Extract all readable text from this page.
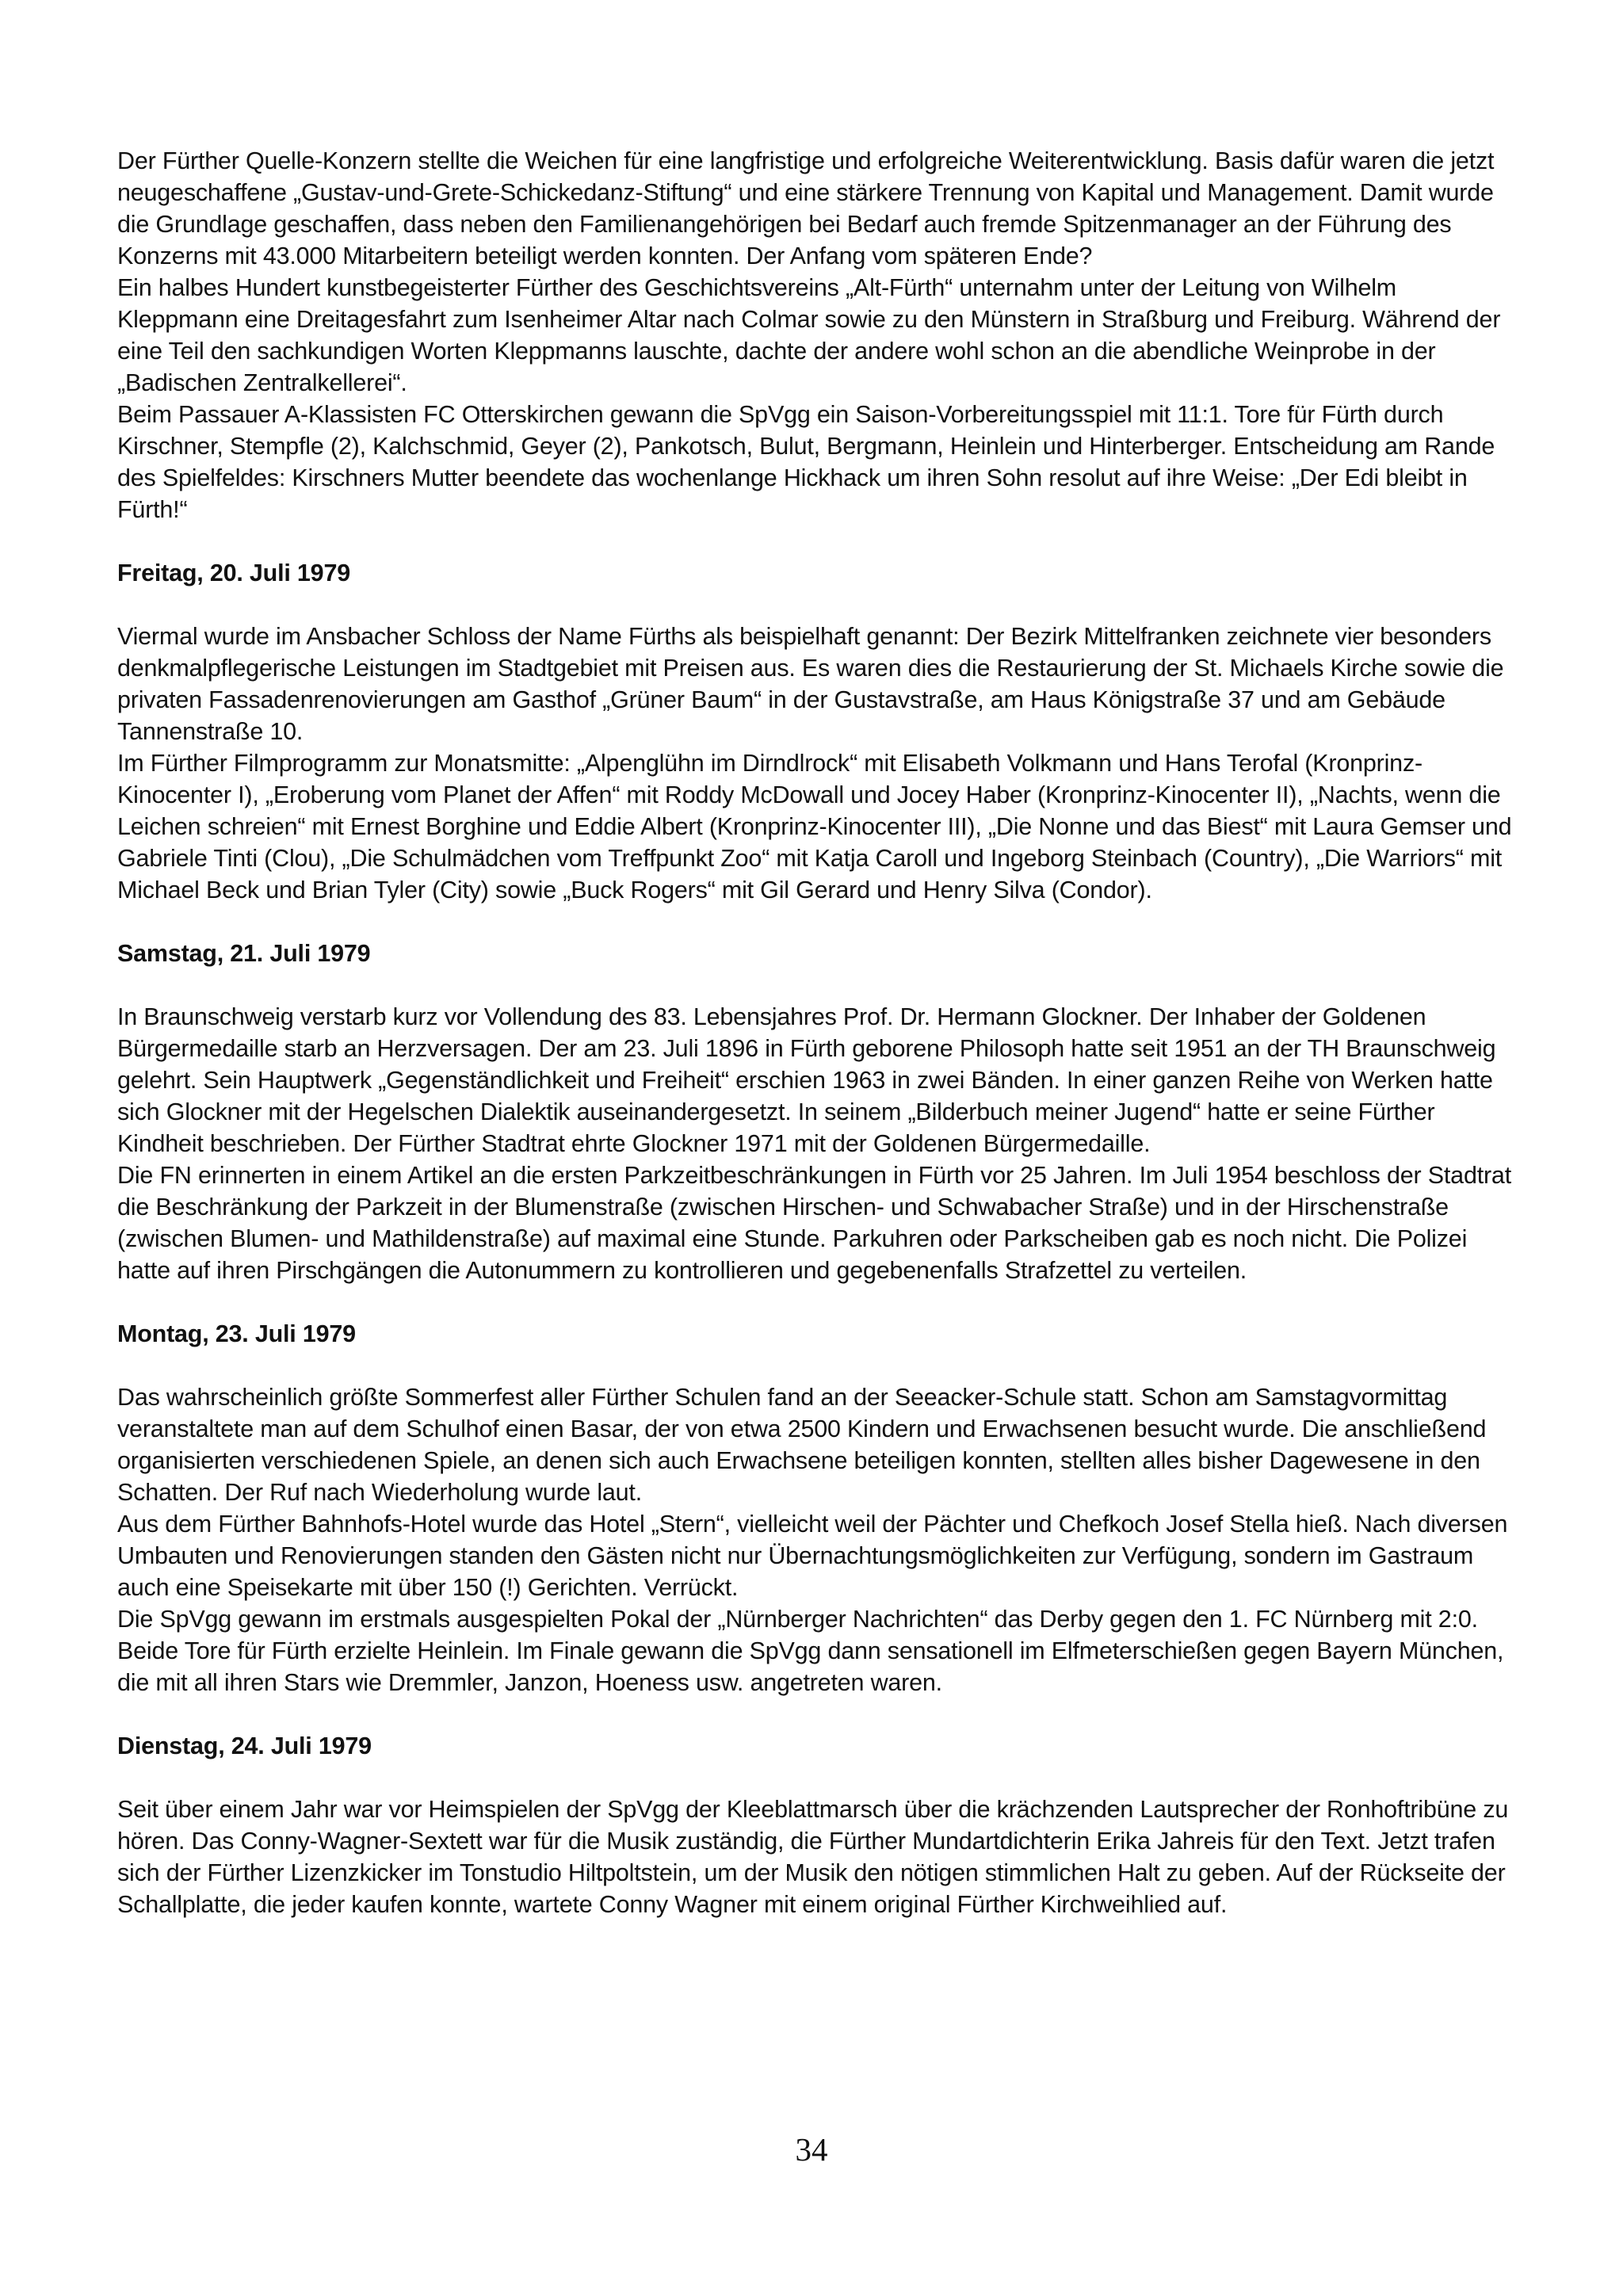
Der Fürther Quelle-Konzern stellte die Weichen für eine langfristige und erfolgreiche Weiterentwicklung. Basis dafür waren die jetzt neugeschaffene „Gustav-und-Grete-Schickedanz-Stiftung“ und eine stärkere Trennung von Kapital und Management. Damit wurde die Grundlage geschaffen, dass neben den Familienangehörigen bei Bedarf auch fremde Spitzenmanager an der Führung des Konzerns mit 43.000 Mitarbeitern beteiligt werden konnten. Der Anfang vom späteren Ende?

Ein halbes Hundert kunstbegeisterter Fürther des Geschichtsvereins „Alt-Fürth“ unternahm unter der Leitung von Wilhelm Kleppmann eine Dreitagesfahrt zum Isenheimer Altar nach Colmar sowie zu den Münstern in Straßburg und Freiburg. Während der eine Teil den sachkundigen Worten Kleppmanns lauschte, dachte der andere wohl schon an die abendliche Weinprobe in der „Badischen Zentralkellerei“.

Beim Passauer A-Klassisten FC Otterskirchen gewann die SpVgg ein Saison-Vorbereitungsspiel mit 11:1. Tore für Fürth durch Kirschner, Stempfle (2), Kalchschmid, Geyer (2), Pankotsch, Bulut, Bergmann, Heinlein und Hinterberger. Entscheidung am Rande des Spielfeldes: Kirschners Mutter beendete das wochenlange Hickhack um ihren Sohn resolut auf ihre Weise: „Der Edi bleibt in Fürth!“

Freitag, 20. Juli 1979

Viermal wurde im Ansbacher Schloss der Name Fürths als beispielhaft genannt: Der Bezirk Mittelfranken zeichnete vier besonders denkmalpflegerische Leistungen im Stadtgebiet mit Preisen aus. Es waren dies die Restaurierung der St. Michaels Kirche sowie die privaten Fassadenrenovierungen am Gasthof „Grüner Baum“ in der Gustavstraße, am Haus Königstraße 37 und am Gebäude Tannenstraße 10.

Im Fürther Filmprogramm zur Monatsmitte: „Alpenglühn im Dirndlrock“ mit Elisabeth Volkmann und Hans Terofal (Kronprinz-Kinocenter I), „Eroberung vom Planet der Affen“ mit Roddy McDowall und Jocey Haber (Kronprinz-Kinocenter II), „Nachts, wenn die Leichen schreien“ mit Ernest Borghine und Eddie Albert (Kronprinz-Kinocenter III), „Die Nonne und das Biest“ mit Laura Gemser und Gabriele Tinti (Clou), „Die Schulmädchen vom Treffpunkt Zoo“ mit Katja Caroll und Ingeborg Steinbach (Country), „Die Warriors“ mit Michael Beck und Brian Tyler (City) sowie „Buck Rogers“ mit Gil Gerard und Henry Silva (Condor).

Samstag, 21. Juli 1979

In Braunschweig verstarb kurz vor Vollendung des 83. Lebensjahres Prof. Dr. Hermann Glockner. Der Inhaber der Goldenen Bürgermedaille starb an Herzversagen. Der am 23. Juli 1896 in Fürth geborene Philosoph hatte seit 1951 an der TH Braunschweig gelehrt. Sein Hauptwerk „Gegenständlichkeit und Freiheit“ erschien 1963 in zwei Bänden. In einer ganzen Reihe von Werken hatte sich Glockner mit der Hegelschen Dialektik auseinandergesetzt. In seinem „Bilderbuch meiner Jugend“ hatte er seine Fürther Kindheit beschrieben. Der Fürther Stadtrat ehrte Glockner 1971 mit der Goldenen Bürgermedaille.

Die FN erinnerten in einem Artikel an die ersten Parkzeitbeschränkungen in Fürth vor 25 Jahren. Im Juli 1954 beschloss der Stadtrat die Beschränkung der Parkzeit in der Blumenstraße (zwischen Hirschen- und Schwabacher Straße) und in der Hirschenstraße (zwischen Blumen- und Mathildenstraße) auf maximal eine Stunde. Parkuhren oder Parkscheiben gab es noch nicht. Die Polizei hatte auf ihren Pirschgängen die Autonummern zu kontrollieren und gegebenenfalls Strafzettel zu verteilen.

Montag, 23. Juli 1979

Das wahrscheinlich größte Sommerfest aller Fürther Schulen fand an der Seeacker-Schule statt. Schon am Samstagvormittag veranstaltete man auf dem Schulhof einen Basar, der von etwa 2500 Kindern und Erwachsenen besucht wurde. Die anschließend organisierten verschiedenen Spiele, an denen sich auch Erwachsene beteiligen konnten, stellten alles bisher Dagewesene in den Schatten. Der Ruf nach Wiederholung wurde laut.

Aus dem Fürther Bahnhofs-Hotel wurde das Hotel „Stern“, vielleicht weil der Pächter und Chefkoch Josef Stella hieß. Nach diversen Umbauten und Renovierungen standen den Gästen nicht nur Übernachtungsmöglichkeiten zur Verfügung, sondern im Gastraum auch eine Speisekarte mit über 150 (!) Gerichten. Verrückt.

Die SpVgg gewann im erstmals ausgespielten Pokal der „Nürnberger Nachrichten“ das Derby gegen den 1. FC Nürnberg mit 2:0. Beide Tore für Fürth erzielte Heinlein. Im Finale gewann die SpVgg dann sensationell im Elfmeterschießen gegen Bayern München, die mit all ihren Stars wie Dremmler, Janzon, Hoeness usw. angetreten waren.

Dienstag, 24. Juli 1979

Seit über einem Jahr war vor Heimspielen der SpVgg der Kleeblattmarsch über die krächzenden Lautsprecher der Ronhoftribüne zu hören. Das Conny-Wagner-Sextett war für die Musik zuständig, die Fürther Mundartdichterin Erika Jahreis für den Text. Jetzt trafen sich der Fürther Lizenzkicker im Tonstudio Hiltpoltstein, um der Musik den nötigen stimmlichen Halt zu geben. Auf der Rückseite der Schallplatte, die jeder kaufen konnte, wartete Conny Wagner mit einem original Fürther Kirchweihlied auf.

34
